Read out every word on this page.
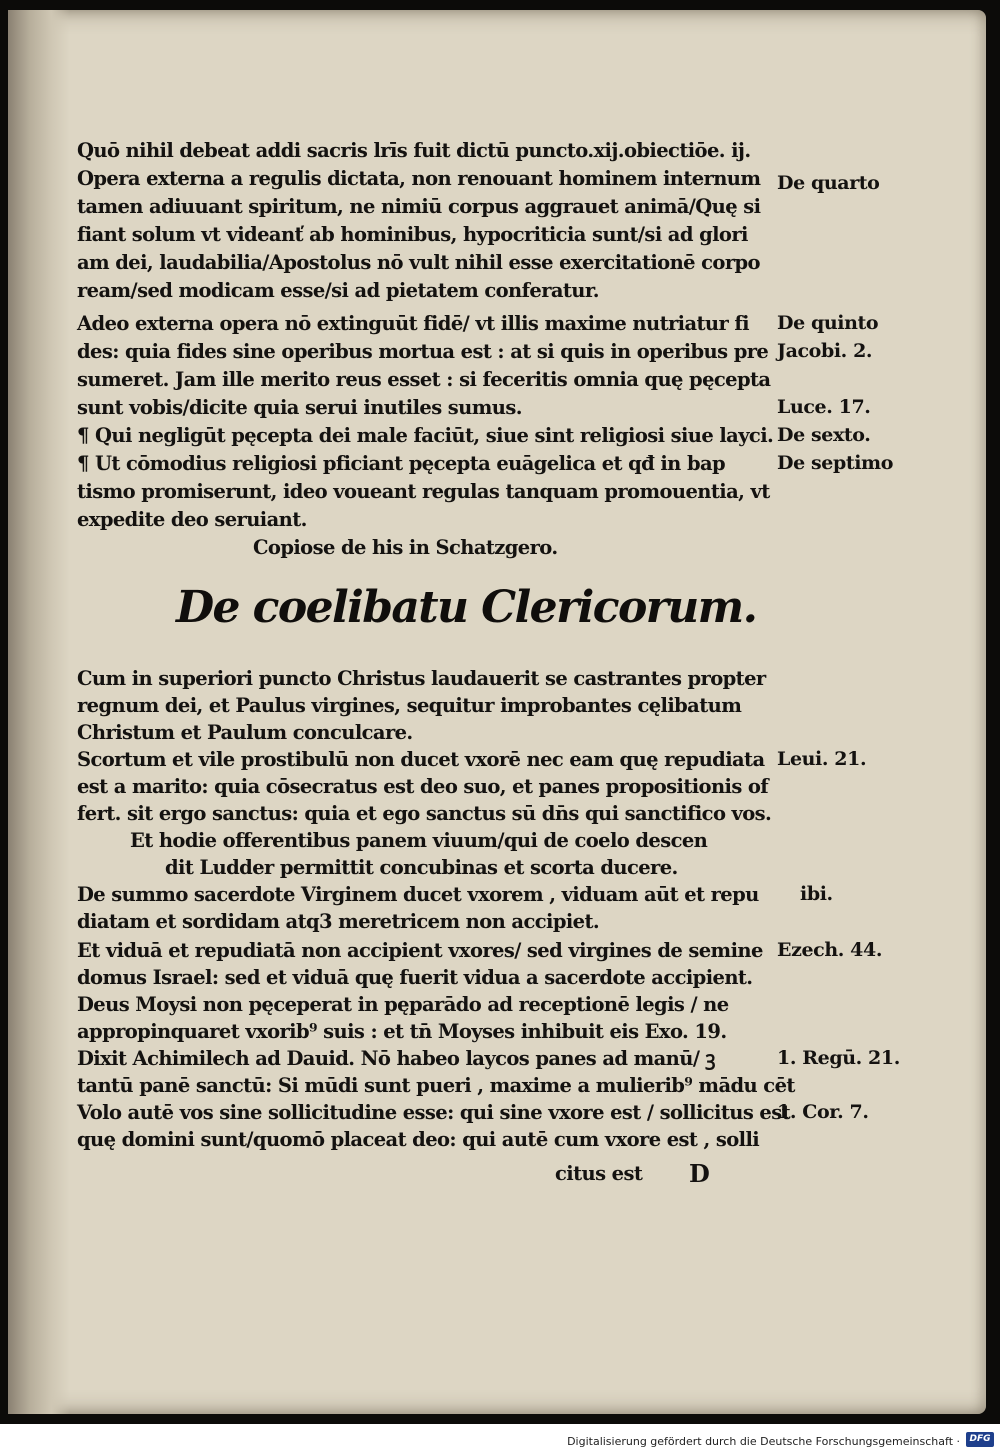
Quō nihil debeat addi sacris lrīs fuit dictū puncto.xij.obiectiōe. ij.
Opera externa a regulis dictata, non renouant hominem internum
tamen adiuuant spiritum, ne nimiū corpus aggrauet animā/Quę si
fiant solum vt videanť ab hominibus, hypocriticia sunt/si ad glori
am dei, laudabilia/Apostolus nō vult nihil esse exercitationē corpo
ream/sed modicam esse/si ad pietatem conferatur.
Adeo externa opera nō extinguūt fidē/ vt illis maxime nutriatur fi
des: quia fides sine operibus mortua est : at si quis in operibus pre
sumeret. Jam ille merito reus esset : si feceritis omnia quę pęcepta
sunt vobis/dicite quia serui inutiles sumus.
¶ Qui negligūt pęcepta dei male faciūt, siue sint religiosi siue layci.
¶ Ut cōmodius religiosi pficiant pęcepta euāgelica et qđ in bap
tismo promiserunt, ideo voueant regulas tanquam promouentia, vt
expedite deo seruiant.
Copiose de his in Schatzgero.
De coelibatu Clericorum.
Cum in superiori puncto Christus laudauerit se castrantes propter
regnum dei, et Paulus virgines, sequitur improbantes cęlibatum
Christum et Paulum conculcare.
Scortum et vile prostibulū non ducet vxorē nec eam quę repudiata
est a marito: quia cōsecratus est deo suo, et panes propositionis of
fert. sit ergo sanctus: quia et ego sanctus sū dn̄s qui sanctifico vos.
Et hodie offerentibus panem viuum/qui de coelo descen
dit Ludder permittit concubinas et scorta ducere.
De summo sacerdote Virginem ducet vxorem , viduam aūt et repu
diatam et sordidam atq3 meretricem non accipiet.
Et viduā et repudiatā non accipient vxores/ sed virgines de semine
domus Israel: sed et viduā quę fuerit vidua a sacerdote accipient.
Deus Moysi non pęceperat in pęparādo ad receptionē legis / ne
appropinquaret vxorib⁹ suis : et tn̄ Moyses inhibuit eis Exo. 19.
Dixit Achimilech ad Dauid. Nō habeo laycos panes ad manū/ ꝫ
tantū panē sanctū: Si mūdi sunt pueri , maxime a mulierib⁹ mādu cēt
Volo autē vos sine sollicitudine esse: qui sine vxore est / sollicitus est
quę domini sunt/quomō placeat deo: qui autē cum vxore est , solli
citus est D
De quarto
De quinto
Jacobi. 2.
Luce. 17.
De sexto.
De septimo
Leui. 21.
ibi.
Ezech. 44.
1. Regū. 21.
1. Cor. 7.
Digitalisierung gefördert durch die Deutsche Forschungsgemeinschaft ·	DFG
